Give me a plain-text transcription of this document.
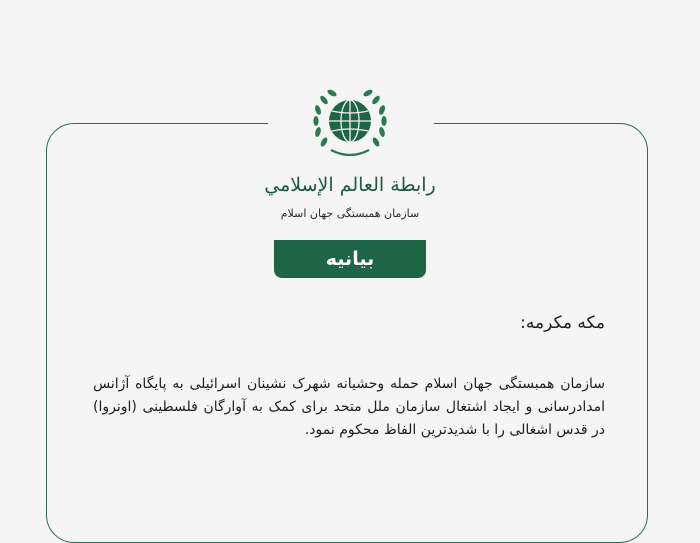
رابطة العالم الإسلامي
سازمان همبستگی جهان اسلام
بیانیه
مکه مکرمه:

سازمان همبستگی جهان اسلام حمله وحشیانه شهرک نشینان اسرائیلی به پایگاه آژانس امدادرسانی و ایجاد اشتغال سازمان ملل متحد برای کمک به آوارگان فلسطینی (اونروا) در قدس اشغالی را با شدیدترین الفاظ محکوم نمود.
